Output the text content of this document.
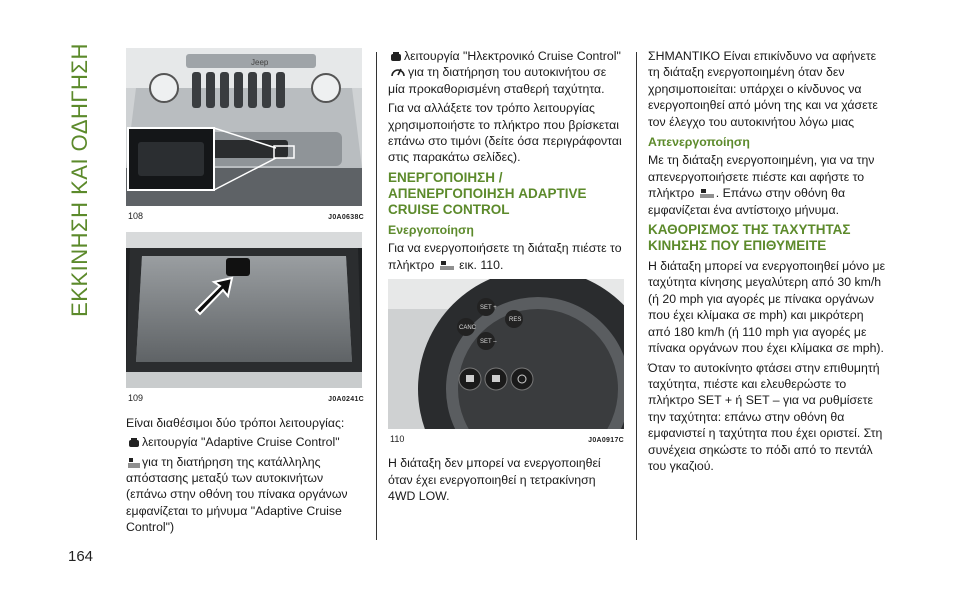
ΕΚΚΙΝΗΣΗ ΚΑΙ ΟΔΗΓΗΣΗ
164
Jeep
108	J0A0638C
109	J0A0241C

Είναι διαθέσιμοι δύο τρόποι λειτουργίας:

λειτουργία "Adaptive Cruise Control"

για τη διατήρηση της κατάλληλης απόστασης μεταξύ των αυτοκινήτων (επάνω στην οθόνη του πίνακα οργάνων εμφανίζεται το μήνυμα "Adaptive Cruise Control")

λειτουργία "Ηλεκτρονικό Cruise Control" για τη διατήρηση του αυτοκινήτου σε μία προκαθορισμένη σταθερή ταχύτητα.

Για να αλλάξετε τον τρόπο λειτουργίας χρησιμοποιήστε το πλήκτρο που βρίσκεται επάνω στο τιμόνι (δείτε όσα περιγράφονται στις παρακάτω σελίδες).

ΕΝΕΡΓΟΠΟΙΗΣΗ / ΑΠΕΝΕΡΓΟΠΟΙΗΣΗ ADAPTIVE CRUISE CONTROL
Ενεργοποίηση

Για να ενεργοποιήσετε τη διάταξη πιέστε το πλήκτρο εικ. 110.

CANC
SET +
RES
SET –
110	J0A0917C

Η διάταξη δεν μπορεί να ενεργοποιηθεί όταν έχει ενεργοποιηθεί η τετρακίνηση 4WD LOW.

ΣΗΜΑΝΤΙΚΟ Είναι επικίνδυνο να αφήνετε τη διάταξη ενεργοποιημένη όταν δεν χρησιμοποιείται: υπάρχει ο κίνδυνος να ενεργοποιηθεί από μόνη της και να χάσετε τον έλεγχο του αυτοκινήτου λόγω μιας

Απενεργοποίηση

Με τη διάταξη ενεργοποιημένη, για να την απενεργοποιήσετε πιέστε και αφήστε το πλήκτρο . Επάνω στην οθόνη θα εμφανίζεται ένα αντίστοιχο μήνυμα.

ΚΑΘΟΡΙΣΜΟΣ ΤΗΣ ΤΑΧΥΤΗΤΑΣ ΚΙΝΗΣΗΣ ΠΟΥ ΕΠΙΘΥΜΕΙΤΕ

Η διάταξη μπορεί να ενεργοποιηθεί μόνο με ταχύτητα κίνησης μεγαλύτερη από 30 km/h (ή 20 mph για αγορές με πίνακα οργάνων που έχει κλίμακα σε mph) και μικρότερη από 180 km/h (ή 110 mph για αγορές με πίνακα οργάνων που έχει κλίμακα σε mph).

Όταν το αυτοκίνητο φτάσει στην επιθυμητή ταχύτητα, πιέστε και ελευθερώστε το πλήκτρο SET + ή SET – για να ρυθμίσετε την ταχύτητα: επάνω στην οθόνη θα εμφανιστεί η ταχύτητα που έχει οριστεί. Στη συνέχεια σηκώστε το πόδι από το πεντάλ του γκαζιού.
